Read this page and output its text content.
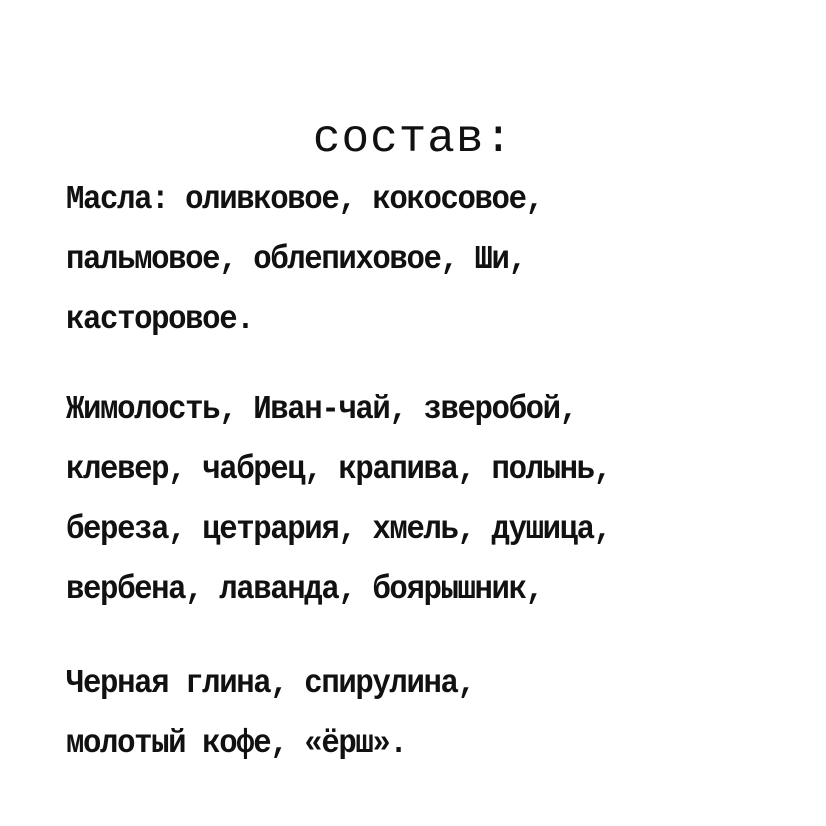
состав:
Масла: оливковое, кокосовое,
пальмовое, облепиховое, Ши,
касторовое.
Жимолость, Иван-чай, зверобой,
клевер, чабрец, крапива, полынь,
береза, цетрария, хмель, душица,
вербена, лаванда, боярышник,
Черная глина, спирулина,
молотый кофе, «ёрш».
